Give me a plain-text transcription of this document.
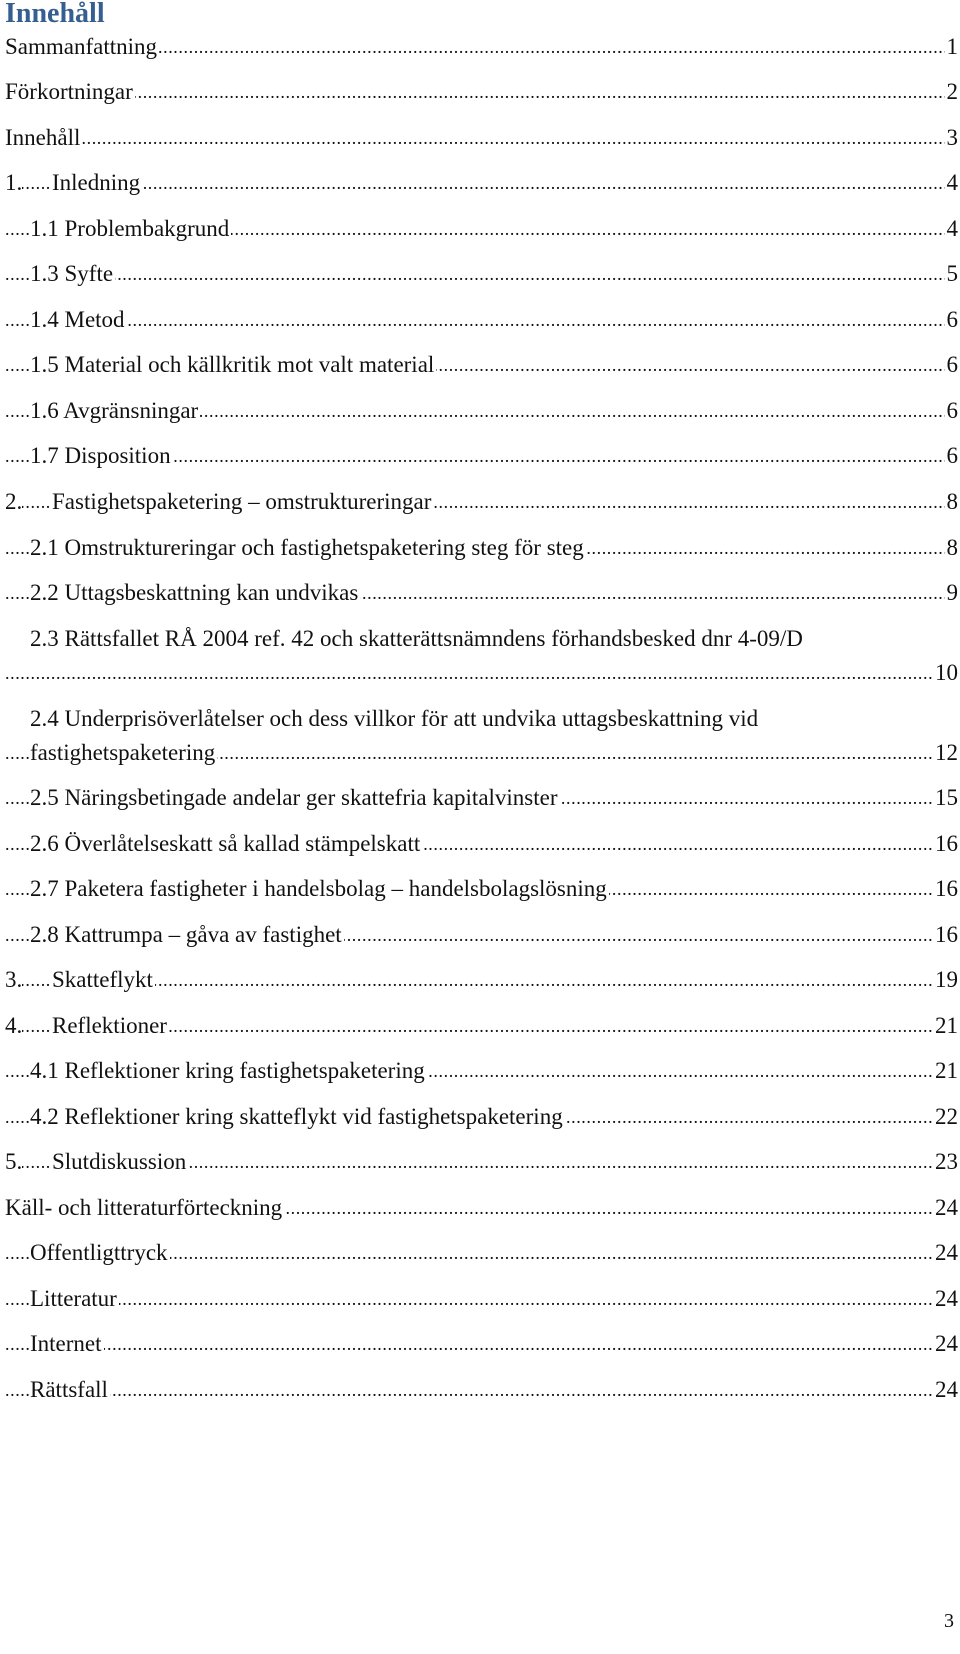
Innehåll
.....
Sammanfattning	1
.....
Förkortningar	2
.....
Innehåll	3
.....
1. Inledning	4
.....
1.1 Problembakgrund	4
.....
1.3 Syfte	5
.....
1.4 Metod	6
.....
1.5 Material och källkritik mot valt material	6
.....
1.6 Avgränsningar	6
.....
1.7 Disposition	6
.....
2. Fastighetspaketering – omstruktureringar	8
.....
2.1 Omstruktureringar och fastighetspaketering steg för steg	8
.....
2.2 Uttagsbeskattning kan undvikas	9
2.3 Rättsfallet RÅ 2004 ref. 42 och skatterättsnämndens förhandsbesked dnr 4-09/D
.....
10
2.4 Underprisöverlåtelser och dess villkor för att undvika uttagsbeskattning vid
.....
fastighetspaketering	12
.....
2.5 Näringsbetingade andelar ger skattefria kapitalvinster	15
.....
2.6 Överlåtelseskatt så kallad stämpelskatt	16
.....
2.7 Paketera fastigheter i handelsbolag – handelsbolagslösning	16
.....
2.8 Kattrumpa – gåva av fastighet	16
.....
3. Skatteflykt	19
.....
4. Reflektioner	21
.....
4.1 Reflektioner kring fastighetspaketering	21
.....
4.2 Reflektioner kring skatteflykt vid fastighetspaketering	22
.....
5. Slutdiskussion	23
.....
Käll- och litteraturförteckning	24
.....
Offentligttryck	24
.....
Litteratur	24
.....
Internet	24
.....
Rättsfall	24
3
